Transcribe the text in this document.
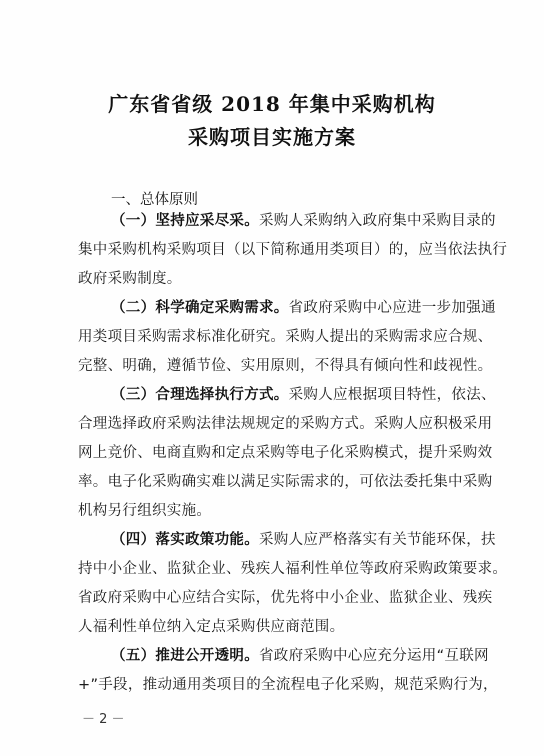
广东省省级 2018 年集中采购机构
采购项目实施方案
一、总体原则
（一）坚持应采尽采。采购人采购纳入政府集中采购目录的
集中采购机构采购项目（以下简称通用类项目）的，应当依法执行
政府采购制度。
（二）科学确定采购需求。省政府采购中心应进一步加强通
用类项目采购需求标准化研究。采购人提出的采购需求应合规、
完整、明确，遵循节俭、实用原则，不得具有倾向性和歧视性。
（三）合理选择执行方式。采购人应根据项目特性，依法、
合理选择政府采购法律法规规定的采购方式。采购人应积极采用
网上竞价、电商直购和定点采购等电子化采购模式，提升采购效
率。电子化采购确实难以满足实际需求的，可依法委托集中采购
机构另行组织实施。
（四）落实政策功能。采购人应严格落实有关节能环保，扶
持中小企业、监狱企业、残疾人福利性单位等政府采购政策要求。
省政府采购中心应结合实际，优先将中小企业、监狱企业、残疾
人福利性单位纳入定点采购供应商范围。
（五）推进公开透明。省政府采购中心应充分运用“互联网
+”手段，推动通用类项目的全流程电子化采购，规范采购行为，
－ 2 －
